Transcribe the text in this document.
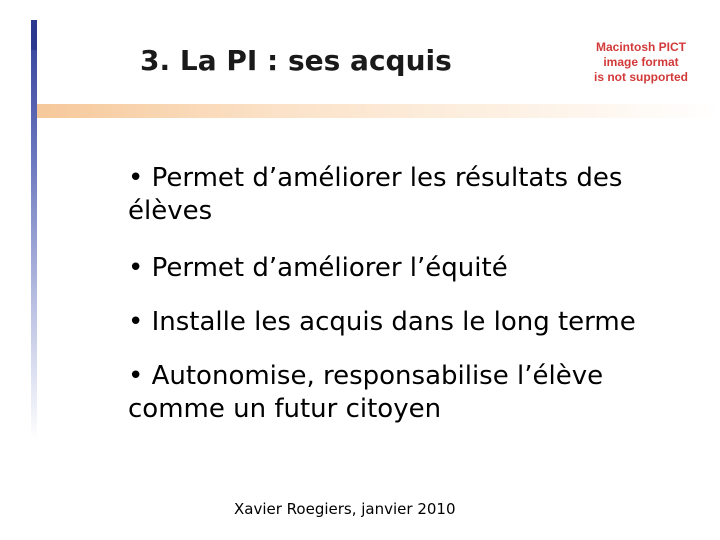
3. La PI : ses acquis	Macintosh PICT
image format
is not supported
• Permet d’améliorer les résultats des élèves
• Permet d’améliorer l’équité
• Installe les acquis dans le long terme
• Autonomise, responsabilise l’élève comme un futur citoyen
Xavier Roegiers, janvier 2010
